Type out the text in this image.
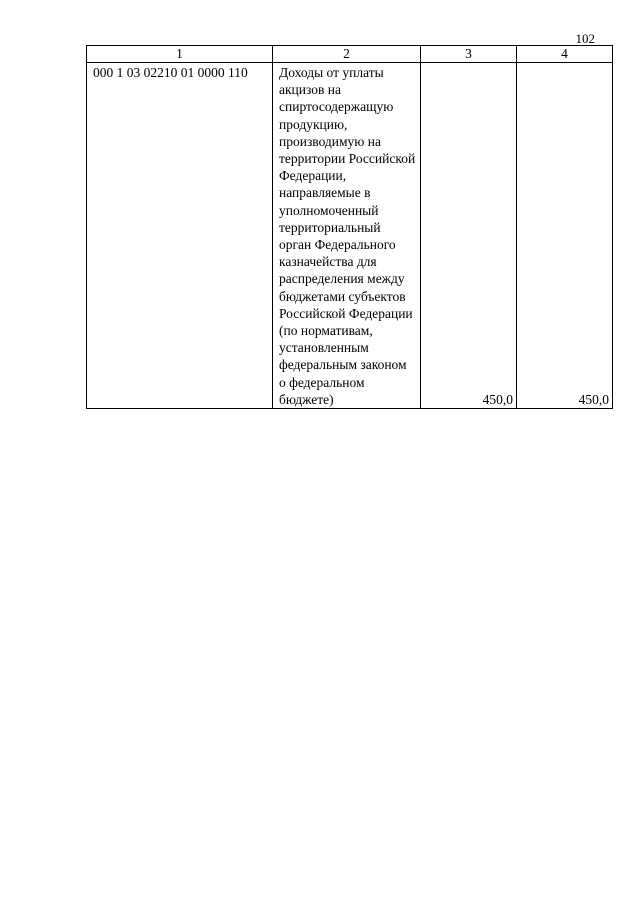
102
1	2	3	4
000 1 03 02210 01 0000 110	Доходы от уплаты акцизов на спиртосодержащую продукцию, производимую на территории Российской Федерации, направляемые в уполномоченный территориальный орган Федерального казначейства для распределения между бюджетами субъектов Российской Федерации (по нормативам, установленным федеральным законом о федеральном бюджете)	450,0	450,0
